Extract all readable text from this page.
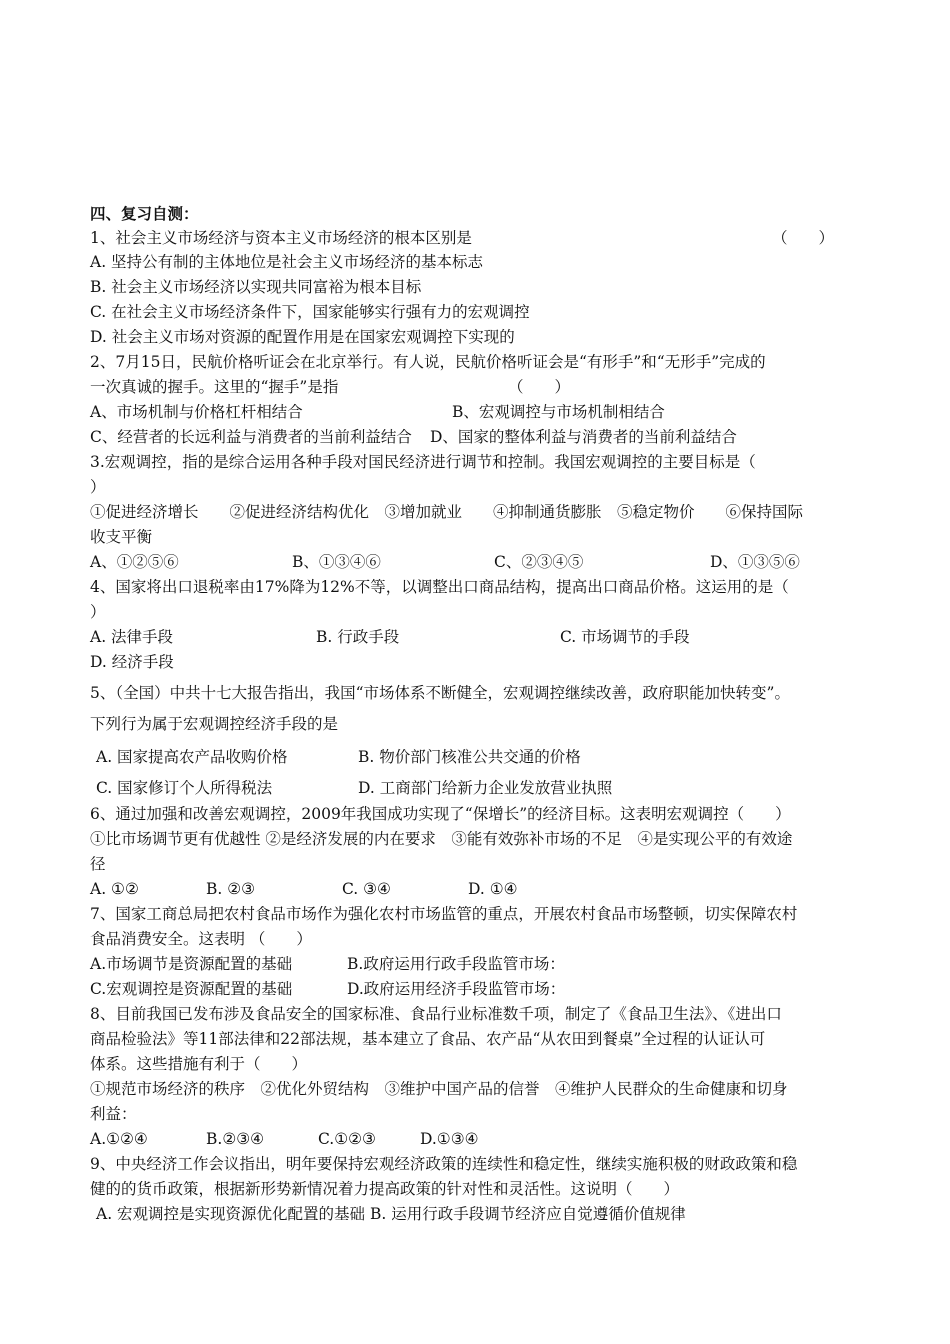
四、复习自测：
1、社会主义市场经济与资本主义市场经济的根本区别是	（　　）
A. 坚持公有制的主体地位是社会主义市场经济的基本标志
B. 社会主义市场经济以实现共同富裕为根本目标
C. 在社会主义市场经济条件下，国家能够实行强有力的宏观调控
D. 社会主义市场对资源的配置作用是在国家宏观调控下实现的
2、7月15日，民航价格听证会在北京举行。有人说，民航价格听证会是“有形手”和“无形手”完成的
一次真诚的握手。这里的“握手”是指	（　　）
A、市场机制与价格杠杆相结合	B、宏观调控与市场机制相结合
C、经营者的长远利益与消费者的当前利益结合 D、国家的整体利益与消费者的当前利益结合
3.宏观调控，指的是综合运用各种手段对国民经济进行调节和控制。我国宏观调控的主要目标是（
）
①促进经济增长　　②促进经济结构优化　③增加就业　　④抑制通货膨胀　⑤稳定物价　　⑥保持国际
收支平衡
A、①②⑤⑥	B、①③④⑥	C、②③④⑤	D、①③⑤⑥
4、国家将出口退税率由17%降为12%不等，以调整出口商品结构，提高出口商品价格。这运用的是（
）
A. 法律手段	B. 行政手段	C. 市场调节的手段
D. 经济手段
5、（全国）中共十七大报告指出，我国“市场体系不断健全，宏观调控继续改善，政府职能加快转变”。
下列行为属于宏观调控经济手段的是
A. 国家提高农产品收购价格	B. 物价部门核准公共交通的价格
C. 国家修订个人所得税法	D. 工商部门给新力企业发放营业执照
6、通过加强和改善宏观调控，2009年我国成功实现了“保增长”的经济目标。这表明宏观调控（　　）
①比市场调节更有优越性 ②是经济发展的内在要求　③能有效弥补市场的不足　④是实现公平的有效途
径
A. ①②	B. ②③	C. ③④	D. ①④
7、国家工商总局把农村食品市场作为强化农村市场监管的重点，开展农村食品市场整顿，切实保障农村
食品消费安全。这表明 （　　）
A.市场调节是资源配置的基础	B.政府运用行政手段监管市场：
C.宏观调控是资源配置的基础	D.政府运用经济手段监管市场：
8、目前我国已发布涉及食品安全的国家标准、食品行业标准数千项，制定了《食品卫生法》、《进出口
商品检验法》等11部法律和22部法规，基本建立了食品、农产品“从农田到餐桌”全过程的认证认可
体系。这些措施有利于（　　）
①规范市场经济的秩序　②优化外贸结构　③维护中国产品的信誉　④维护人民群众的生命健康和切身
利益：
A.①②④	B.②③④	C.①②③	D.①③④
9、中央经济工作会议指出，明年要保持宏观经济政策的连续性和稳定性，继续实施积极的财政政策和稳
健的的货币政策，根据新形势新情况着力提高政策的针对性和灵活性。这说明（　　）
A. 宏观调控是实现资源优化配置的基础 B. 运用行政手段调节经济应自觉遵循价值规律
